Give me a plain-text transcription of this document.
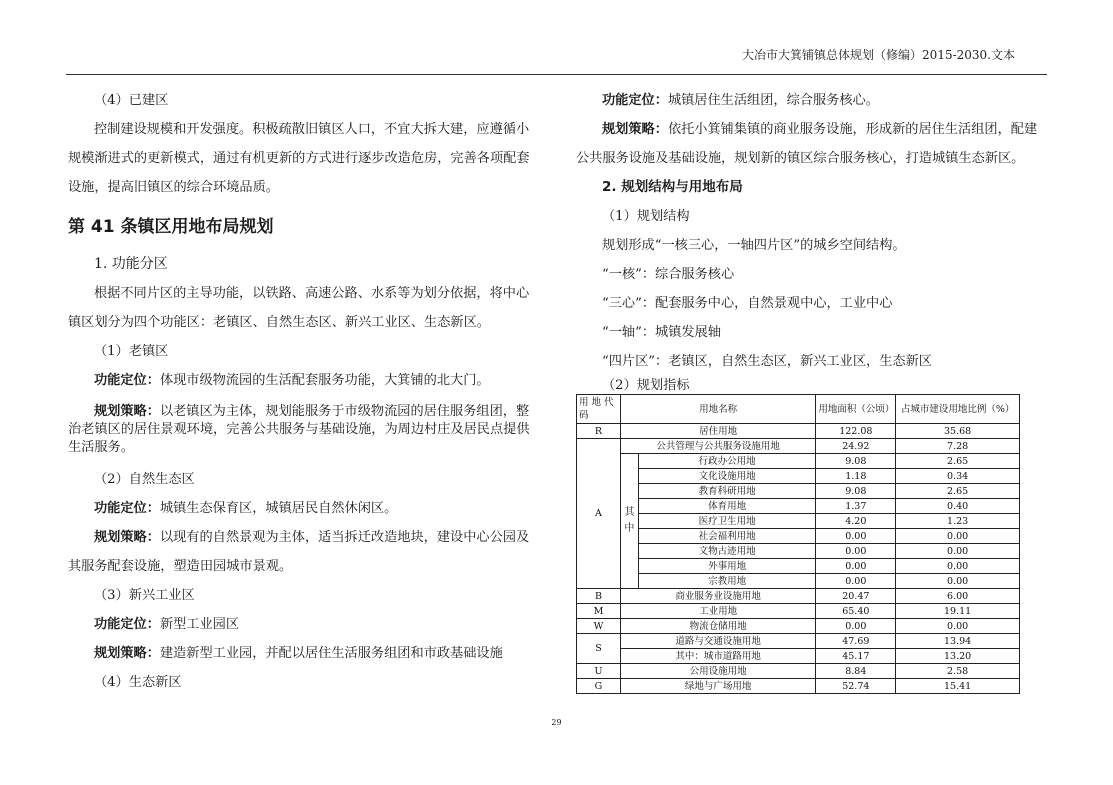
大冶市大箕铺镇总体规划（修编）2015-2030.文本

（4）已建区

控制建设规模和开发强度。积极疏散旧镇区人口，不宜大拆大建，应遵循小规模渐进式的更新模式，通过有机更新的方式进行逐步改造危房，完善各项配套设施，提高旧镇区的综合环境品质。

第 41 条镇区用地布局规划
1. 功能分区

根据不同片区的主导功能，以铁路、高速公路、水系等为划分依据，将中心镇区划分为四个功能区：老镇区、自然生态区、新兴工业区、生态新区。

（1）老镇区

功能定位：体现市级物流园的生活配套服务功能，大箕铺的北大门。

规划策略：以老镇区为主体，规划能服务于市级物流园的居住服务组团，整治老镇区的居住景观环境，完善公共服务与基础设施，为周边村庄及居民点提供生活服务。

（2）自然生态区

功能定位：城镇生态保育区，城镇居民自然休闲区。

规划策略：以现有的自然景观为主体，适当拆迁改造地块，建设中心公园及其服务配套设施，塑造田园城市景观。

（3）新兴工业区

功能定位：新型工业园区

规划策略：建造新型工业园，并配以居住生活服务组团和市政基础设施

（4）生态新区

功能定位：城镇居住生活组团，综合服务核心。

规划策略：依托小箕铺集镇的商业服务设施，形成新的居住生活组团，配建公共服务设施及基础设施，规划新的镇区综合服务核心，打造城镇生态新区。

2. 规划结构与用地布局

（1）规划结构

规划形成“一核三心，一轴四片区”的城乡空间结构。

“一核”：综合服务核心

“三心”：配套服务中心，自然景观中心，工业中心

“一轴”：城镇发展轴

“四片区”：老镇区，自然生态区，新兴工业区，生态新区

（2）规划指标

用 地 代 码	用地名称		用地面积（公顷）	占城市建设用地比例（%）
R	居住用地		122.08	35.68
A	公共管理与公共服务设施用地		24.92	7.28
	其中	行政办公用地	9.08	2.65
		文化设施用地	1.18	0.34
		教育科研用地	9.08	2.65
		体育用地	1.37	0.40
		医疗卫生用地	4.20	1.23
		社会福利用地	0.00	0.00
		文物古迹用地	0.00	0.00
		外事用地	0.00	0.00
		宗教用地	0.00	0.00
B	商业服务业设施用地		20.47	6.00
M	工业用地		65.40	19.11
W	物流仓储用地		0.00	0.00
S	道路与交通设施用地		47.69	13.94
	其中：城市道路用地		45.17	13.20
U	公用设施用地		8.84	2.58
G	绿地与广场用地		52.74	15.41
29
